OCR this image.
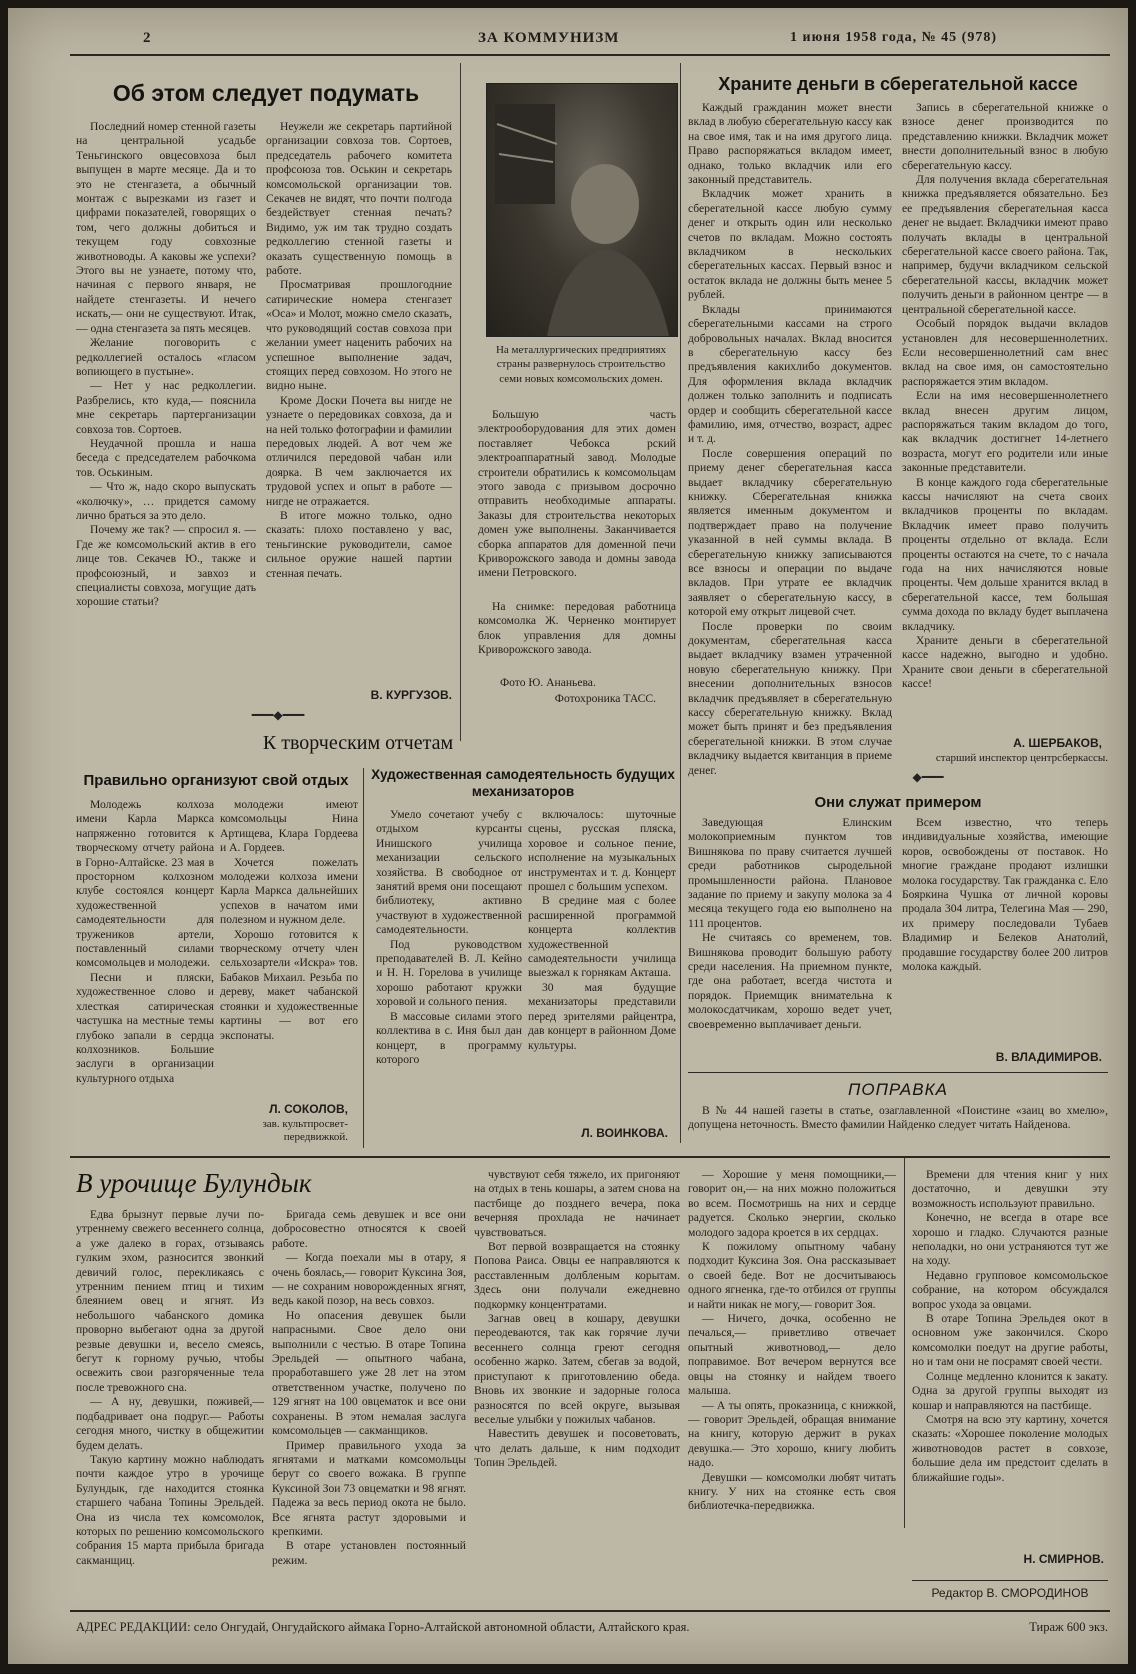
2	ЗА КОММУНИЗМ	1 июня 1958 года, № 45 (978)
Об этом следует подумать

Последний номер стенной газеты на центральной усадьбе Теньгинского овцесовхоза был выпущен в марте месяце. Да и то это не стенгазета, а обычный монтаж с вырезками из газет и цифрами показателей, говорящих о том, чего должны добиться и текущем году совхозные животноводы. А каковы же успехи? Этого вы не узнаете, потому что, начиная с первого января, не найдете стенгазеты. И нечего искать,— они не существуют. Итак,— одна стенгазета за пять месяцев.

Желание поговорить с редколлегией осталось «гласом вопиющего в пустыне».

— Нет у нас редколлегии. Разбрелись, кто куда,— пояснила мне секретарь партерганизации совхоза тов. Сортоев.

Неудачной прошла и наша беседа с председателем рабочкома тов. Оськиным.

— Что ж, надо скоро выпускать «колючку», … придется самому лично браться за это дело.

Почему же так? — спросил я. — Где же комсомольский актив в его лице тов. Секачев Ю., также и профсоюзный, и завхоз и специалисты совхоза, могущие дать хорошие статьи?

Неужели же секретарь партийной организации совхоза тов. Сортоев, председатель рабочего комитета профсоюза тов. Оськин и секретарь комсомольской организации тов. Секачев не видят, что почти полгода бездействует стенная печать? Видимо, уж им так трудно создать редколлегию стенной газеты и оказать существенную помощь в работе.

Просматривая прошлогодние сатирические номера стенгазет «Оса» и Молот, можно смело сказать, что руководящий состав совхоза при желании умеет наценить рабочих на успешное выполнение задач, стоящих перед совхозом. Но этого не видно ныне.

Кроме Доски Почета вы нигде не узнаете о передовиках совхоза, да и на ней только фотографии и фамилии передовых людей. А вот чем же отличился передовой чабан или доярка. В чем заключается их трудовой успех и опыт в работе — нигде не отражается.

В итоге можно только, одно сказать: плохо поставлено у вас, теньгинские руководители, самое сильное оружие нашей партии стенная печать.

В. КУРГУЗОВ.

На металлургических предприятиях страны развернулось строительство семи новых комсомольских домен.

Большую часть электрооборудования для этих домен поставляет Чебокса рский электроаппаратный завод. Молодые строители обратились к комсомольцам этого завода с призывом досрочно отправить необходимые аппараты. Заказы для строительства некоторых домен уже выполнены. Заканчивается сборка аппаратов для доменной печи Криворожского завода и домны завода имени Петровского.

На снимке: передовая работница комсомолка Ж. Черненко монтирует блок управления для домны Криворожского завода.

Фото Ю. Ананьева.

Фотохроника ТАСС.

Храните деньги в сберегательной кассе

Каждый гражданин может внести вклад в любую сберегательную кассу как на свое имя, так и на имя другого лица. Право распоряжаться вкладом имеет, однако, только вкладчик или его законный представитель.

Вкладчик может хранить в сберегательной кассе любую сумму денег и открыть один или несколько счетов по вкладам. Можно состоять вкладчиком в нескольких сберегательных кассах. Первый взнос и остаток вклада не должны быть менее 5 рублей.

Вклады принимаются сберегательными кассами на строго добровольных началах. Вклад вносится в сберегательную кассу без предъявления какихлибо документов. Для оформления вклада вкладчик должен только заполнить и подписать ордер и сообщить сберегательной кассе фамилию, имя, отчество, возраст, адрес и т. д.

После совершения операций по приему денег сберегательная касса выдает вкладчику сберегательную книжку. Сберегательная книжка является именным документом и подтверждает право на получение указанной в ней суммы вклада. В сберегательную книжку записываются все взносы и операции по выдаче вкладов. При утрате ее вкладчик заявляет о сберегательную кассу, в которой ему открыт лицевой счет.

После проверки по своим документам, сберегательная касса выдает вкладчику взамен утраченной новую сберегательную книжку. При внесении дополнительных взносов вкладчик предъявляет в сберегательную кассу сберегательную книжку. Вклад может быть принят и без предъявления сберегательной книжки. В этом случае вкладчику выдается квитанция в приеме денег.

Запись в сберегательной книжке о взносе денег производится по представлению книжки. Вкладчик может внести дополнительный взнос в любую сберегательную кассу.

Для получения вклада сберегательная книжка предъявляется обязательно. Без ее предъявления сберегательная касса денег не выдает. Вкладчики имеют право получать вклады в центральной сберегательной кассе своего района. Так, например, будучи вкладчиком сельской сберегательной кассы, вкладчик может получить деньги в районном центре — в центральной сберегательной кассе.

Особый порядок выдачи вкладов установлен для несовершеннолетних. Если несовершеннолетний сам внес вклад на свое имя, он самостоятельно распоряжается этим вкладом.

Если на имя несовершеннолетнего вклад внесен другим лицом, распоряжаться таким вкладом до того, как вкладчик достигнет 14-летнего возраста, могут его родители или иные законные представители.

В конце каждого года сберегательные кассы начисляют на счета своих вкладчиков проценты по вкладам. Вкладчик имеет право получить проценты отдельно от вклада. Если проценты остаются на счете, то с начала года на них начисляются новые проценты. Чем дольше хранится вклад в сберегательной кассе, тем большая сумма дохода по вкладу будет выплачена вкладчику.

Храните деньги в сберегательной кассе надежно, выгодно и удобно. Храните свои деньги в сберегательной кассе!

А. ШЕРБАКОВ,
старший инспектор центрсберкассы.
◆━━━
━━━◆━━━
К творческим отчетам
Правильно организуют свой отдых

Молодежь колхоза имени Карла Маркса напряженно готовится к творческому отчету района в Горно-Алтайске. 23 мая в просторном колхозном клубе состоялся концерт художественной самодеятельности для тружеников артели, поставленный силами комсомольцев и молодежи.

Песни и пляски, художественное слово и хлесткая сатирическая частушка на местные темы глубоко запали в сердца колхозников. Большие заслуги в организации культурного отдыха

молодежи имеют комсомольцы Нина Артищева, Клара Гордеева и А. Гордеев.

Хочется пожелать молодежи колхоза имени Карла Маркса дальнейших успехов в начатом ими полезном и нужном деле.

Хорошо готовится к творческому отчету член сельхозартели «Искра» тов. Бабаков Михаил. Резьба по дереву, макет чабанской стоянки и художественные картины — вот его экспонаты.

Л. СОКОЛОВ,
зав. культпросвет-передвижкой.
Художественная самодеятельность будущих механизаторов

Умело сочетают учебу с отдыхом курсанты Инишского училища механизации сельского хозяйства. В свободное от занятий время они посещают библиотеку, активно участвуют в художественной самодеятельности.

Под руководством преподавателей В. Л. Кейно и Н. Н. Горелова в училище хорошо работают кружки хоровой и сольного пения.

В массовые силами этого коллектива в с. Иня был дан концерт, в программу которого

включалось: шуточные сцены, русская пляска, хоровое и сольное пение, исполнение на музыкальных инструментах и т. д. Концерт прошел с большим успехом.

В средине мая с более расширенной программой концерта коллектив художественной самодеятельности училища выезжал к горнякам Акташа.

30 мая будущие механизаторы представили перед зрителями райцентра, дав концерт в районном Доме культуры.

Л. ВОИНКОВА.
Они служат примером

Заведующая Елинским молокоприемным пунктом тов Вишняковa по праву считается лучшей среди работников сыродельной промышленности района. Плановое задание по приему и закупу молока за 4 месяца текущего года ею выполнено на 111 процентов.

Не считаясь со временем, тов. Вишнякова проводит большую работу среди населения. На приемном пункте, где она работает, всегда чистота и порядок. Приемщик внимательна к молокосдатчикам, хорошо ведет учет, своевременно выплачивает деньги.

Всем известно, что теперь индивидуальные хозяйства, имеющие коров, освобождены от поставок. Но многие граждане продают излишки молока государству. Так гражданка с. Ело Бояркина Чушка от личной коровы продала 304 литра, Телегина Мая — 290, их примеру последовали Тубаев Владимир и Белеков Анатолий, продавшие государству более 200 литров молока каждый.

В. ВЛАДИМИРОВ.
ПОПРАВКА

В № 44 нашей газеты в статье, озаглавленной «Поистине «заиц во хмелю», допущена неточность. Вместо фамилии Найденко следует читать Найденова.

В урочище Булундык

Едва брызнут первые лучи по-утреннему свежего весеннего солнца, а уже далеко в горах, отзываясь гулким эхом, разносится звонкий девичий голос, перекликаясь с утренним пением птиц и тихим блеянием овец и ягнят. Из небольшого чабанского домика проворно выбегают одна за другой резвые девушки и, весело смеясь, бегут к горному ручью, чтобы освежить свои разгоряченные тела после тревожного сна.

— А ну, девушки, поживей,— подбадривает она подруг.— Работы сегодня много, чистку в общежитии будем делать.

Такую картину можно наблюдать почти каждое утро в урочище Булундык, где находится стоянка старшего чабана Топины Эрельдей. Она из числа тех комсомолок, которых по решению комсомольского собрания 15 марта прибыла бригада сакманщиц.

Бригада семь девушек и все они добросовестно относятся к своей работе.

— Когда поехали мы в отару, я очень боялась,— говорит Куксина Зоя,— не сохраним новорожденных ягнят, ведь какой позор, на весь совхоз.

Но опасения девушек были напрасными. Свое дело они выполнили с честью. В отаре Топина Эрельдей — опытного чабана, проработавшего уже 28 лет на этом ответственном участке, получено по 129 ягнят на 100 овцематок и все они сохранены. В этом немалая заслуга комсомольцев — сакманщиков.

Пример правильного ухода за ягнятами и матками комсомольцы берут со своего вожака. В группе Куксиной Зои 73 овцематки и 98 ягнят. Падежа за весь период окота не было. Все ягнята растут здоровыми и крепкими.

В отаре установлен постоянный режим.

чувствуют себя тяжело, их пригоняют на отдых в тень кошары, а затем снова на пастбище до позднего вечера, пока вечерняя прохлада не начинает чувствоваться.

Вот первой возвращается на стоянку Попова Раиса. Овцы ее направляются к расставленным долбленым корытам. Здесь они получали ежедневно подкормку концентратами.

Загнав овец в кошару, девушки переодеваются, так как горячие лучи весеннего солнца греют сегодня особенно жарко. Затем, сбегав за водой, приступают к приготовлению обеда. Вновь их звонкие и задорные голоса разносятся по всей округе, вызывая веселые улыбки у пожилых чабанов.

Навестить девушек и посоветовать, что делать дальше, к ним подходит Топин Эрельдей.

— Хорошие у меня помощники,— говорит он,— на них можно положиться во всем. Посмотришь на них и сердце радуется. Сколько энергии, сколько молодого задора кроется в их сердцах.

К пожилому опытному чабану подходит Куксина Зоя. Она рассказывает о своей беде. Вот не досчитываюсь одного ягненка, где-то отбился от группы и найти никак не могу,— говорит Зоя.

— Ничего, дочка, особенно не печалься,— приветливо отвечает опытный животновод,— дело поправимое. Вот вечером вернутся все овцы на стоянку и найдем твоего малыша.

— А ты опять, проказница, с книжкой,— говорит Эрельдей, обращая внимание на книгу, которую держит в руках девушка.— Это хорошо, книгу любить надо.

Девушки — комсомолки любят читать книгу. У них на стоянке есть своя библиотечка-передвижка.

Времени для чтения книг у них достаточно, и девушки эту возможность используют правильно.

Конечно, не всегда в отаре все хорошо и гладко. Случаются разные неполадки, но они устраняются тут же на ходу.

Недавно групповое комсомольское собрание, на котором обсуждался вопрос ухода за овцами.

В отаре Топина Эрельдея окот в основном уже закончился. Скоро комсомолки поедут на другие работы, но и там они не посрамят своей чести.

Солнце медленно клонится к закату. Одна за другой группы выходят из кошар и направляются на пастбище.

Смотря на всю эту картину, хочется сказать: «Хорошее поколение молодых животноводов растет в совхозе, большие дела им предстоит сделать в ближайшие годы».

Н. СМИРНОВ.
Редактор В. СМОРОДИНОВ
АДРЕС РЕДАКЦИИ: село Онгудай, Онгудайского аймака Горно-Алтайской автономной области, Алтайского края.	Тираж 600 экз.
